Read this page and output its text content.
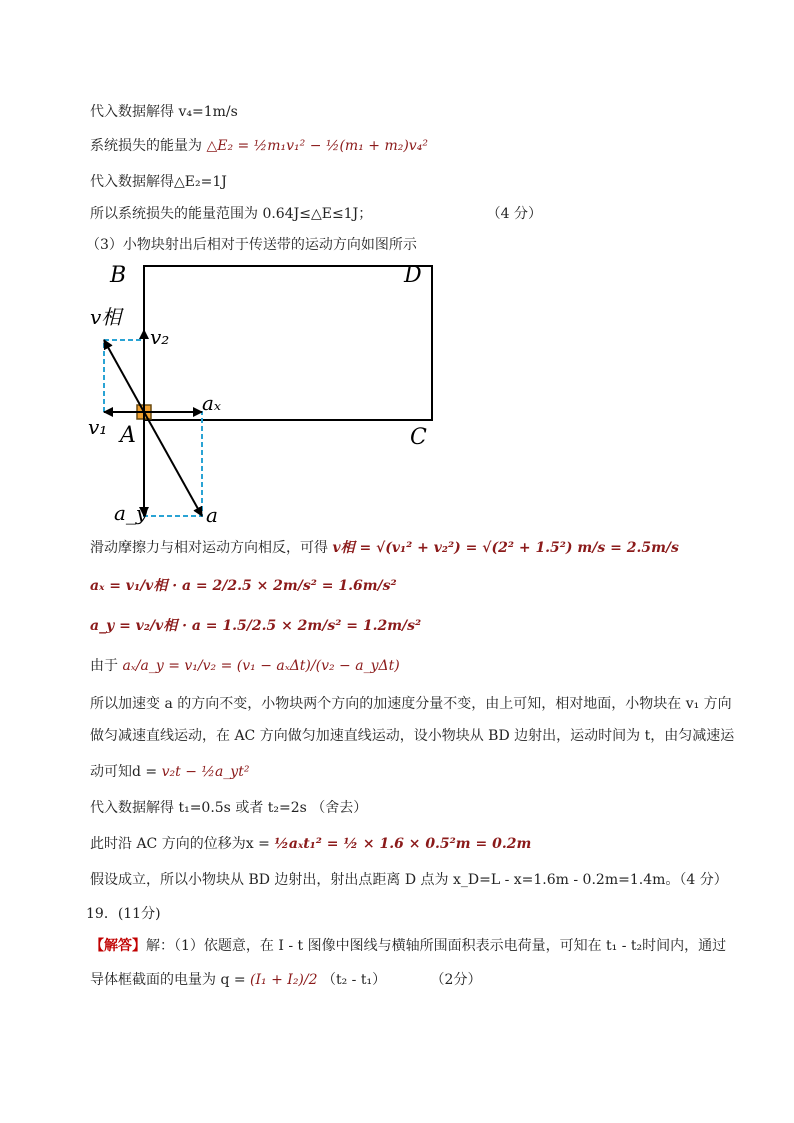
代入数据解得 v₄=1m/s
系统损失的能量为 △E₂ = ½m₁v₁² − ½(m₁ + m₂)v₄²
代入数据解得△E₂=1J
所以系统损失的能量范围为 0.64J≤△E≤1J；	（4 分）
（3）小物块射出后相对于传送带的运动方向如图所示
B	D
C
A
v相
v₂
v₁
aₓ
a_y	a
滑动摩擦力与相对运动方向相反，可得 v相 = √(v₁² + v₂²) = √(2² + 1.5²) m/s = 2.5m/s
aₓ = v₁/v相 · a = 2/2.5 × 2m/s² = 1.6m/s²
a_y = v₂/v相 · a = 1.5/2.5 × 2m/s² = 1.2m/s²
由于 aₓ/a_y = v₁/v₂ = (v₁ − aₓΔt)/(v₂ − a_yΔt)
所以加速变 a 的方向不变，小物块两个方向的加速度分量不变，由上可知，相对地面，小物块在 v₁ 方向
做匀减速直线运动，在 AC 方向做匀加速直线运动，设小物块从 BD 边射出，运动时间为 t，由匀减速运
动可知d = v₂t − ½a_yt²
代入数据解得 t₁=0.5s 或者 t₂=2s （舍去）
此时沿 AC 方向的位移为x = ½aₓt₁² = ½ × 1.6 × 0.5²m = 0.2m
假设成立，所以小物块从 BD 边射出，射出点距离 D 点为 x_D=L - x=1.6m - 0.2m=1.4m。（4 分）
19．(11分)
【解答】解：（1）依题意，在 I - t 图像中图线与横轴所围面积表示电荷量，可知在 t₁ - t₂时间内，通过
导体框截面的电量为 q = (I₁ + I₂)/2 （t₂ - t₁）	（2分）
